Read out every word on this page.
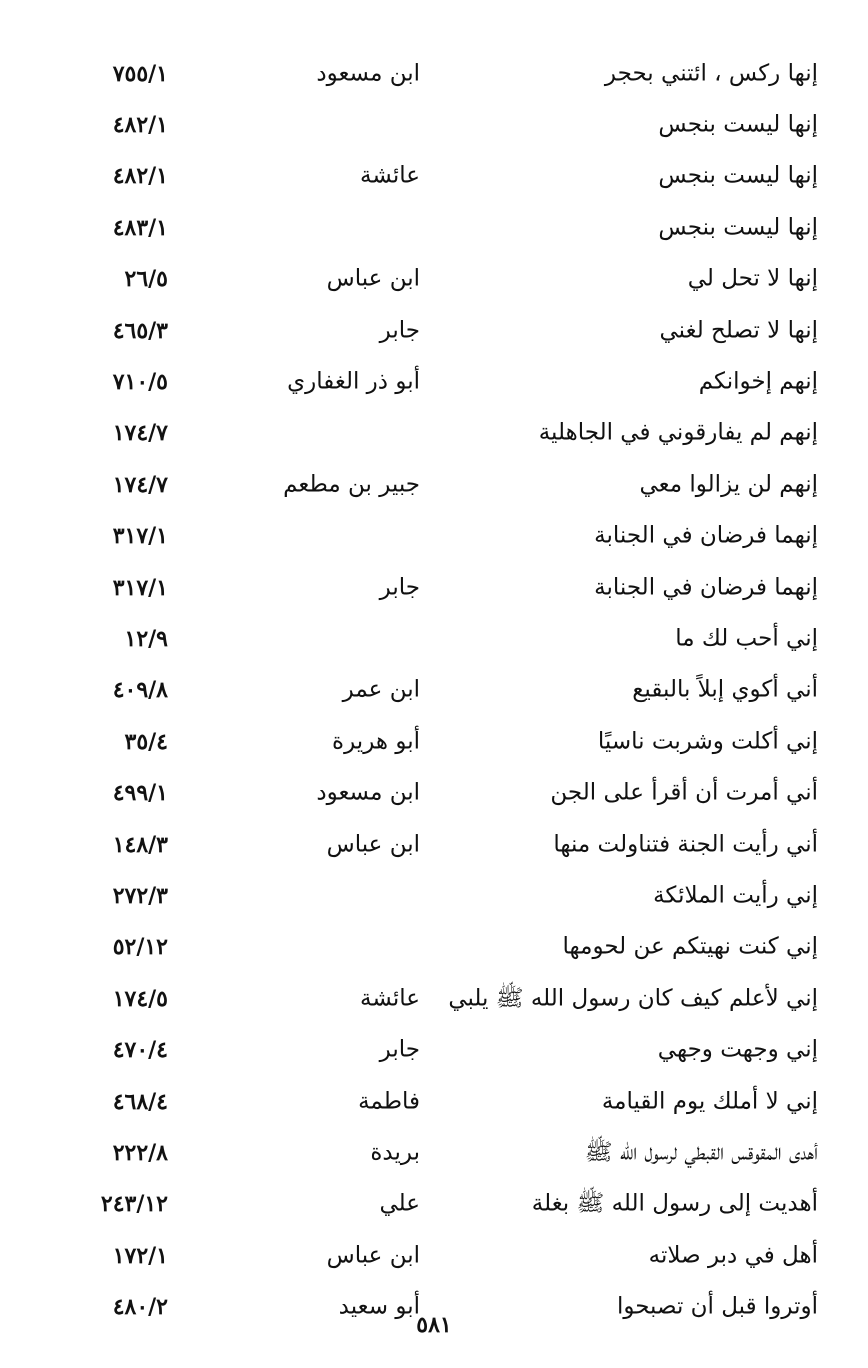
إنها ركس ، ائتني بحجر
ابن مسعود
٧٥٥/١
إنها ليست بنجس
٤٨٢/١
إنها ليست بنجس
عائشة
٤٨٢/١
إنها ليست بنجس
٤٨٣/١
إنها لا تحل لي
ابن عباس
٢٦/٥
إنها لا تصلح لغني
جابر
٤٦٥/٣
إنهم إخوانكم
أبو ذر الغفاري
٧١٠/٥
إنهم لم يفارقوني في الجاهلية
١٧٤/٧
إنهم لن يزالوا معي
جبير بن مطعم
١٧٤/٧
إنهما فرضان في الجنابة
٣١٧/١
إنهما فرضان في الجنابة
جابر
٣١٧/١
إني أحب لك ما
١٢/٩
أني أكوي إبلاً بالبقيع
ابن عمر
٤٠٩/٨
إني أكلت وشربت ناسيًا
أبو هريرة
٣٥/٤
أني أمرت أن أقرأ على الجن
ابن مسعود
٤٩٩/١
أني رأيت الجنة فتناولت منها
ابن عباس
١٤٨/٣
إني رأيت الملائكة
٢٧٢/٣
إني كنت نهيتكم عن لحومها
٥٢/١٢
إني لأعلم كيف كان رسول الله ﷺ يلبي
عائشة
١٧٤/٥
إني وجهت وجهي
جابر
٤٧٠/٤
إني لا أملك يوم القيامة
فاطمة
٤٦٨/٤
أهدى المقوقس القبطي لرسول الله ﷺ
بريدة
٢٢٢/٨
أهديت إلى رسول الله ﷺ بغلة
علي
٢٤٣/١٢
أهل في دبر صلاته
ابن عباس
١٧٢/١
أوتروا قبل أن تصبحوا
أبو سعيد
٤٨٠/٢
٥٨١
